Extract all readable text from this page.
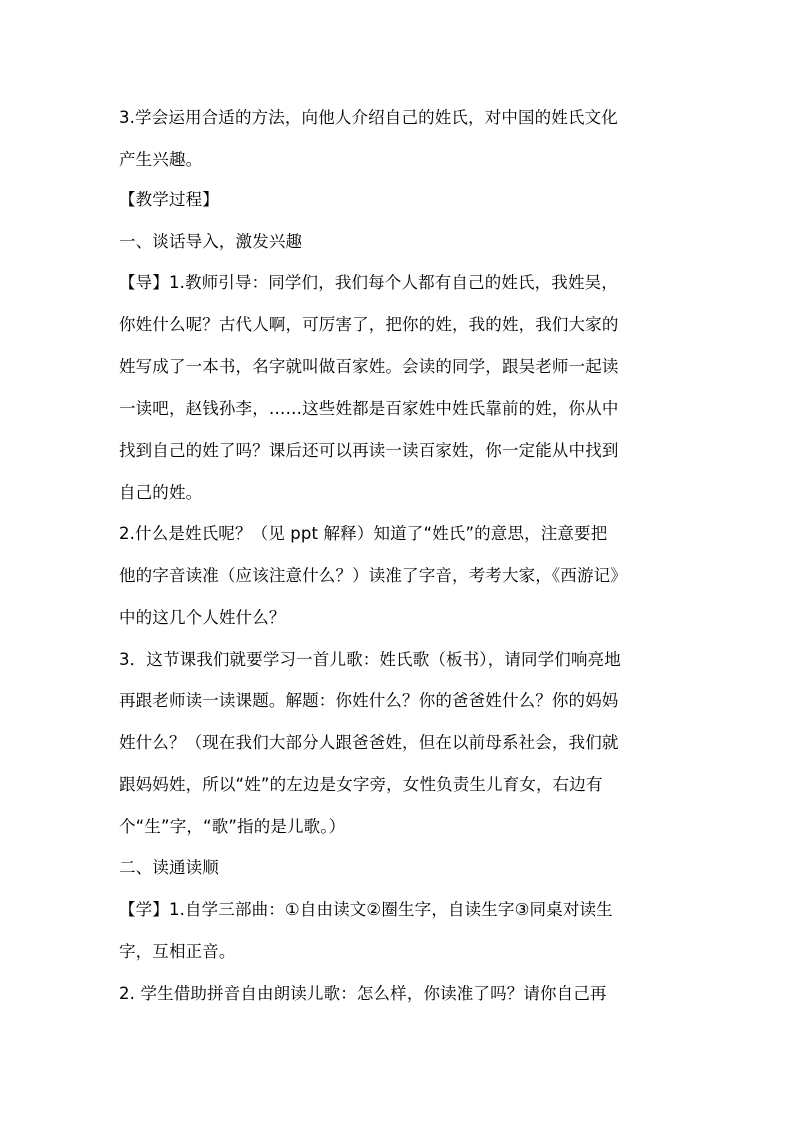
3.学会运用合适的方法，向他人介绍自己的姓氏，对中国的姓氏文化
产生兴趣。
【教学过程】
一、谈话导入，激发兴趣
【导】1.教师引导：同学们，我们每个人都有自己的姓氏，我姓吴，
你姓什么呢？古代人啊，可厉害了，把你的姓，我的姓，我们大家的
姓写成了一本书，名字就叫做百家姓。会读的同学，跟吴老师一起读
一读吧，赵钱孙李，……这些姓都是百家姓中姓氏靠前的姓，你从中
找到自己的姓了吗？课后还可以再读一读百家姓，你一定能从中找到
自己的姓。
2.什么是姓氏呢？（见 ppt 解释）知道了“姓氏”的意思，注意要把
他的字音读准（应该注意什么？）读准了字音，考考大家，《西游记》
中的这几个人姓什么？
3．这节课我们就要学习一首儿歌：姓氏歌（板书），请同学们响亮地
再跟老师读一读课题。解题：你姓什么？你的爸爸姓什么？你的妈妈
姓什么？（现在我们大部分人跟爸爸姓，但在以前母系社会，我们就
跟妈妈姓，所以“姓”的左边是女字旁，女性负责生儿育女，右边有
个“生”字，“歌”指的是儿歌。）
二、读通读顺
【学】1.自学三部曲：①自由读文②圈生字，自读生字③同桌对读生
字，互相正音。
2. 学生借助拼音自由朗读儿歌：怎么样，你读准了吗？请你自己再
